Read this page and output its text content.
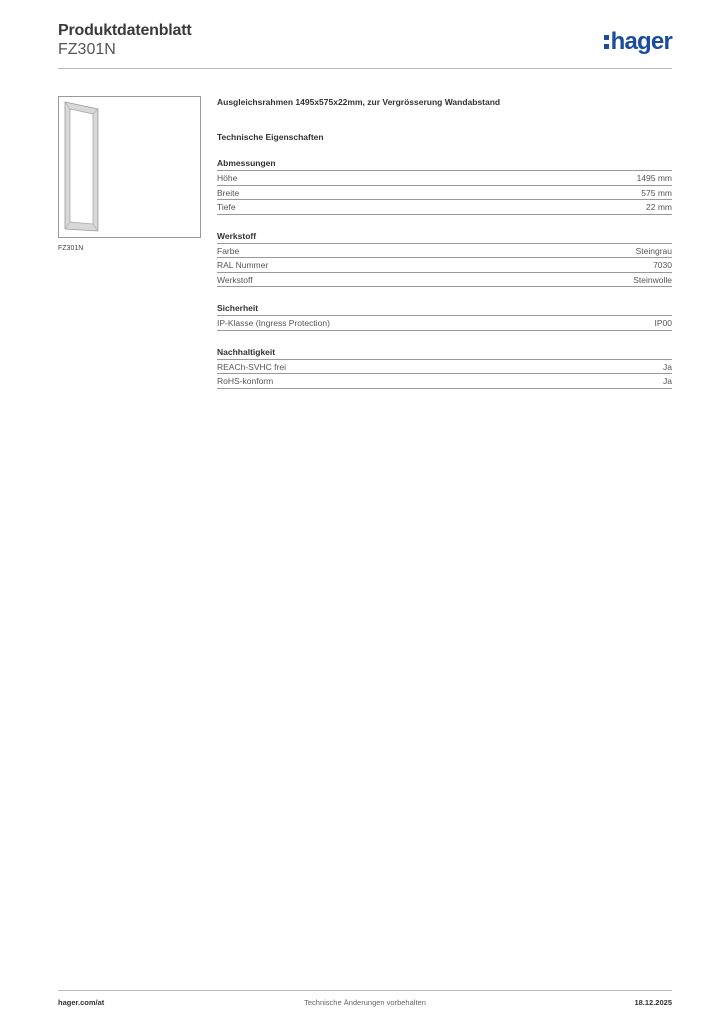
Produktdatenblatt
FZ301N	hager
FZ301N
Ausgleichsrahmen 1495x575x22mm, zur Vergrösserung Wandabstand
Technische Eigenschaften
Abmessungen
Höhe	1495 mm
Breite	575 mm
Tiefe	22 mm
Werkstoff
Farbe	Steingrau
RAL Nummer	7030
Werkstoff	Steinwolle
Sicherheit
IP-Klasse (Ingress Protection)	IP00
Nachhaltigkeit
REACh-SVHC frei	Ja
RoHS-konform	Ja
hager.com/at	Technische Änderungen vorbehalten	18.12.2025
